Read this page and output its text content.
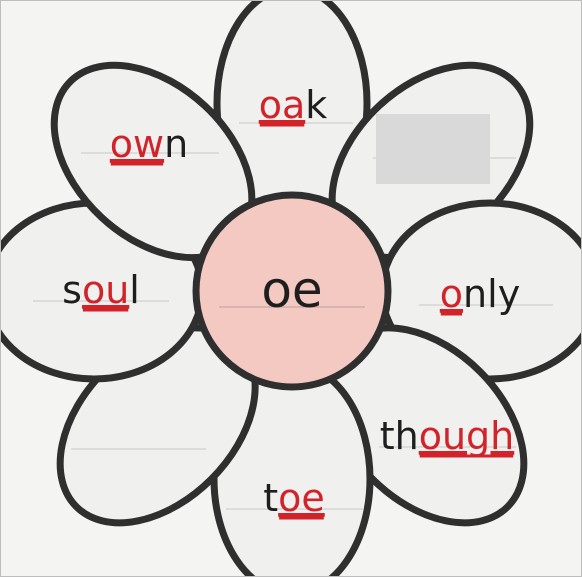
oe
oak
only
though
toe
soul
own
